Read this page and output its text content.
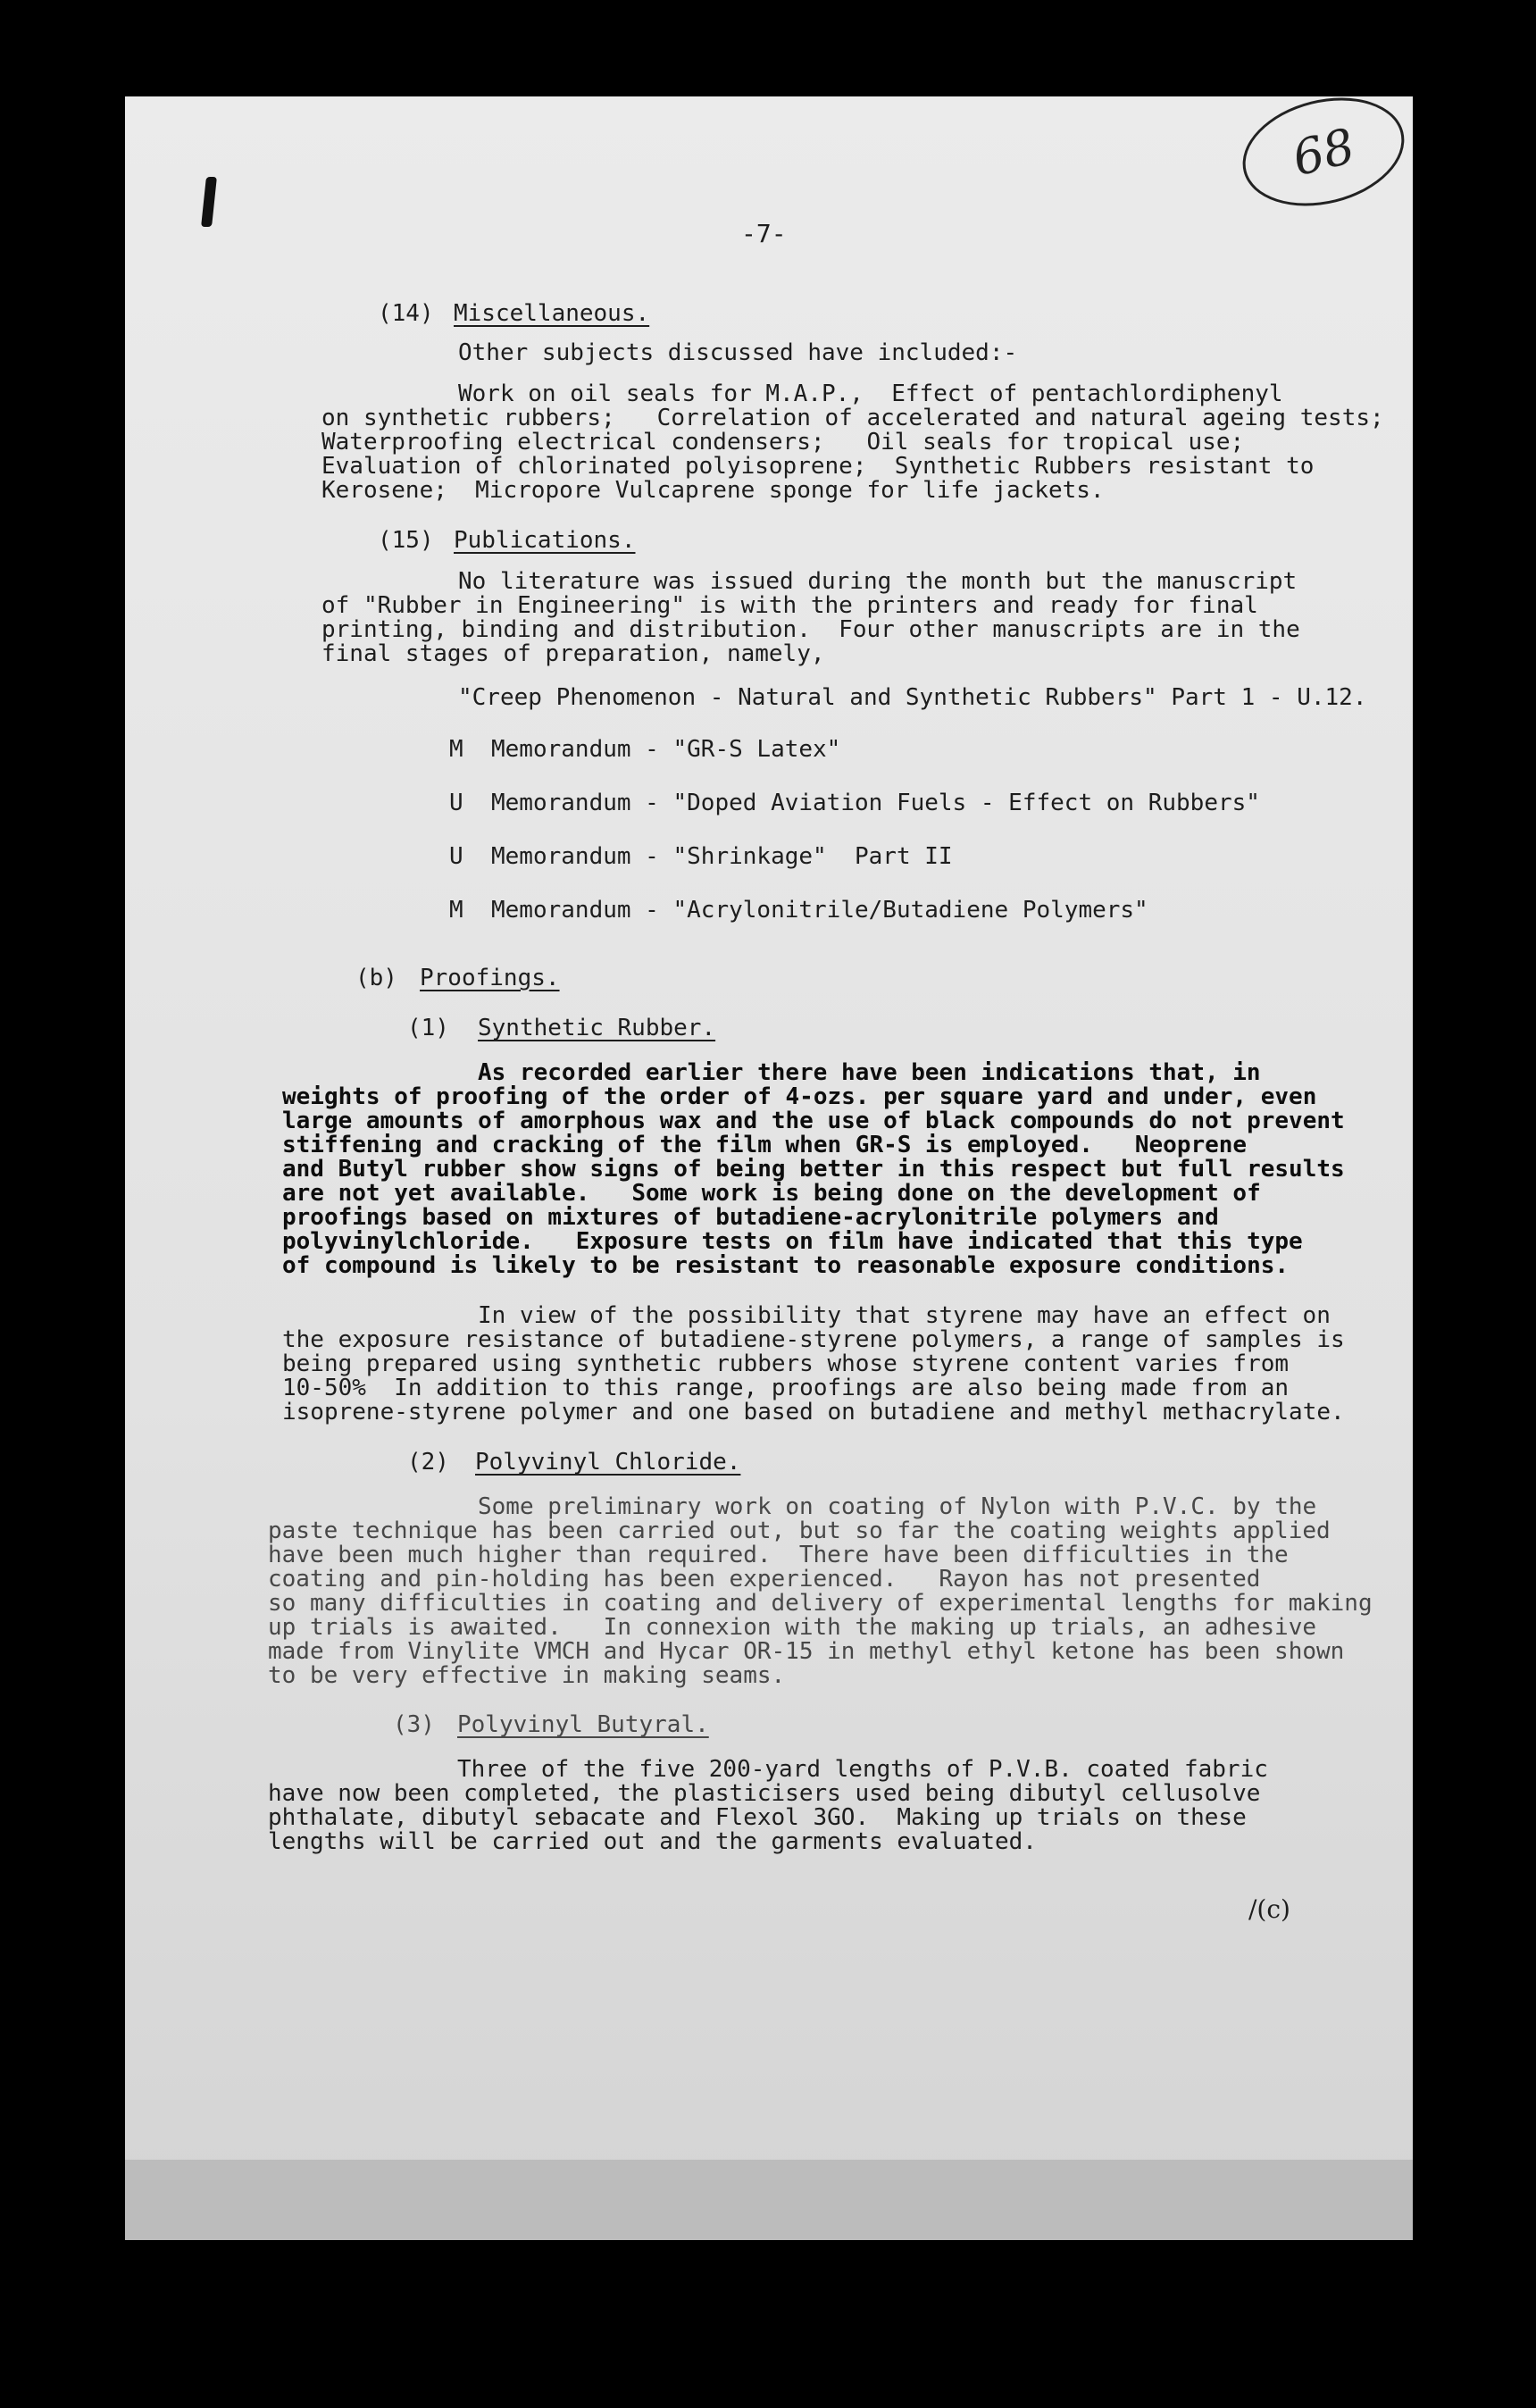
68
-7-
(14) Miscellaneous.
Other subjects discussed have included:-
Work on oil seals for M.A.P.,  Effect of pentachlordiphenyl
on synthetic rubbers;   Correlation of accelerated and natural ageing tests;
Waterproofing electrical condensers;   Oil seals for tropical use;
Evaluation of chlorinated polyisoprene;  Synthetic Rubbers resistant to
Kerosene;  Micropore Vulcaprene sponge for life jackets.
(15) Publications.
No literature was issued during the month but the manuscript
of "Rubber in Engineering" is with the printers and ready for final
printing, binding and distribution.  Four other manuscripts are in the
final stages of preparation, namely,
"Creep Phenomenon - Natural and Synthetic Rubbers" Part 1 - U.12.
M Memorandum - "GR-S Latex"
U Memorandum - "Doped Aviation Fuels - Effect on Rubbers"
U Memorandum - "Shrinkage"  Part II
M Memorandum - "Acrylonitrile/Butadiene Polymers"
(b) Proofings.
(1) Synthetic Rubber.
As recorded earlier there have been indications that, in
weights of proofing of the order of 4-ozs. per square yard and under, even
large amounts of amorphous wax and the use of black compounds do not prevent
stiffening and cracking of the film when GR-S is employed.   Neoprene
and Butyl rubber show signs of being better in this respect but full results
are not yet available.   Some work is being done on the development of
proofings based on mixtures of butadiene-acrylonitrile polymers and
polyvinylchloride.   Exposure tests on film have indicated that this type
of compound is likely to be resistant to reasonable exposure conditions.
In view of the possibility that styrene may have an effect on
the exposure resistance of butadiene-styrene polymers, a range of samples is
being prepared using synthetic rubbers whose styrene content varies from
10-50%  In addition to this range, proofings are also being made from an
isoprene-styrene polymer and one based on butadiene and methyl methacrylate.
(2) Polyvinyl Chloride.
Some preliminary work on coating of Nylon with P.V.C. by the
paste technique has been carried out, but so far the coating weights applied
have been much higher than required.  There have been difficulties in the
coating and pin-holding has been experienced.   Rayon has not presented
so many difficulties in coating and delivery of experimental lengths for making
up trials is awaited.   In connexion with the making up trials, an adhesive
made from Vinylite VMCH and Hycar OR-15 in methyl ethyl ketone has been shown
to be very effective in making seams.
(3) Polyvinyl Butyral.
Three of the five 200-yard lengths of P.V.B. coated fabric
have now been completed, the plasticisers used being dibutyl cellusolve
phthalate, dibutyl sebacate and Flexol 3GO.  Making up trials on these
lengths will be carried out and the garments evaluated.
/(c)
